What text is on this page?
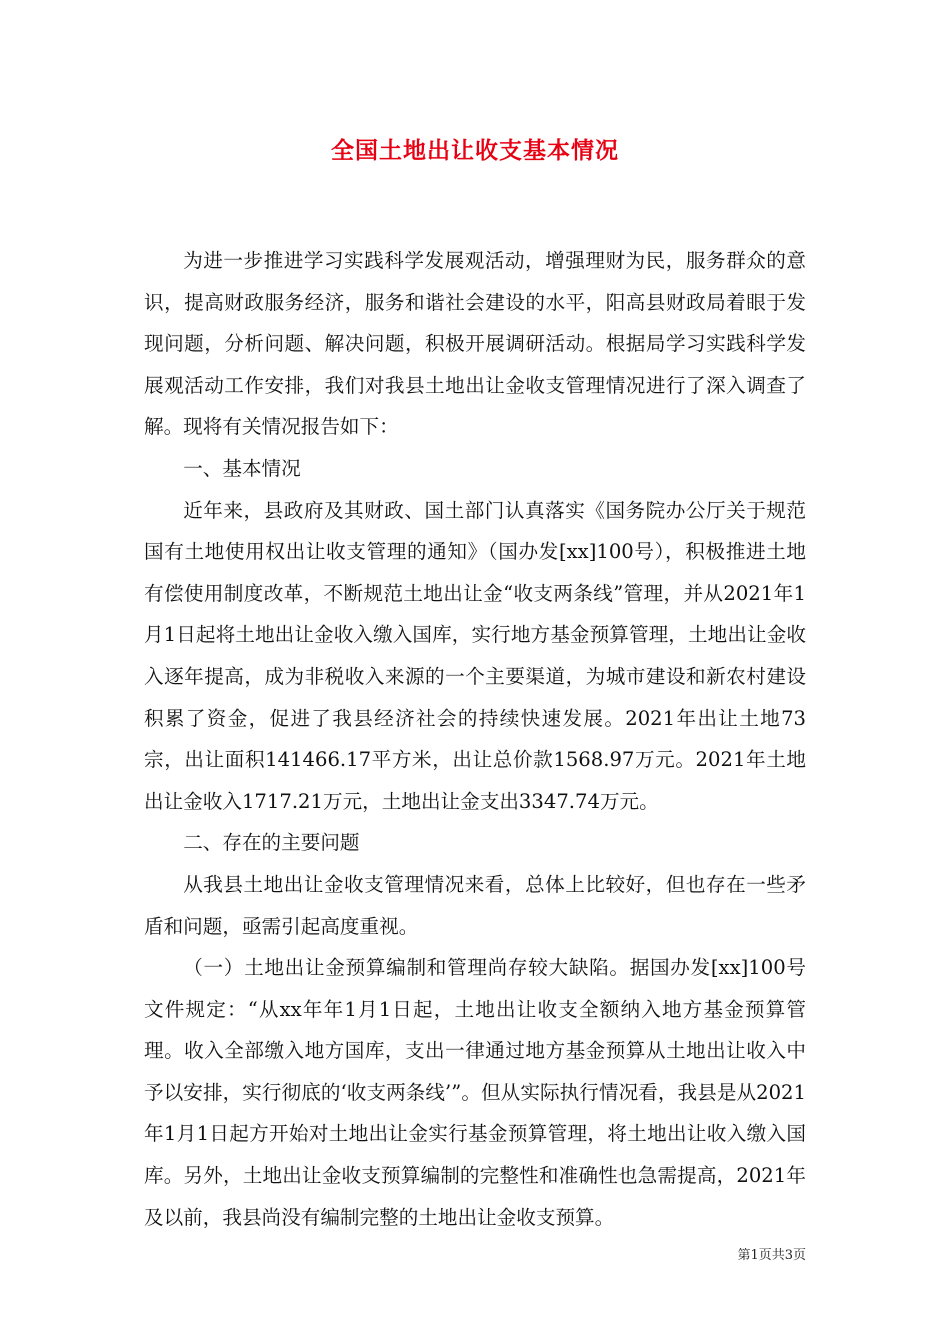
全国土地出让收支基本情况

为进一步推进学习实践科学发展观活动，增强理财为民，服务群众的意识，提高财政服务经济，服务和谐社会建设的水平，阳高县财政局着眼于发现问题，分析问题、解决问题，积极开展调研活动。根据局学习实践科学发展观活动工作安排，我们对我县土地出让金收支管理情况进行了深入调查了解。现将有关情况报告如下：

一、基本情况

近年来，县政府及其财政、国土部门认真落实《国务院办公厅关于规范国有土地使用权出让收支管理的通知》（国办发[xx]100号），积极推进土地有偿使用制度改革，不断规范土地出让金“收支两条线”管理，并从2021年1月1日起将土地出让金收入缴入国库，实行地方基金预算管理，土地出让金收入逐年提高，成为非税收入来源的一个主要渠道，为城市建设和新农村建设积累了资金，促进了我县经济社会的持续快速发展。2021年出让土地73宗，出让面积141466.17平方米，出让总价款1568.97万元。2021年土地出让金收入1717.21万元，土地出让金支出3347.74万元。

二、存在的主要问题

从我县土地出让金收支管理情况来看，总体上比较好，但也存在一些矛盾和问题，亟需引起高度重视。

（一）土地出让金预算编制和管理尚存较大缺陷。据国办发[xx]100号文件规定：“从xx年年1月1日起，土地出让收支全额纳入地方基金预算管理。收入全部缴入地方国库，支出一律通过地方基金预算从土地出让收入中予以安排，实行彻底的‘收支两条线’”。但从实际执行情况看，我县是从2021年1月1日起方开始对土地出让金实行基金预算管理，将土地出让收入缴入国库。另外，土地出让金收支预算编制的完整性和准确性也急需提高，2021年及以前，我县尚没有编制完整的土地出让金收支预算。

第1页共3页
